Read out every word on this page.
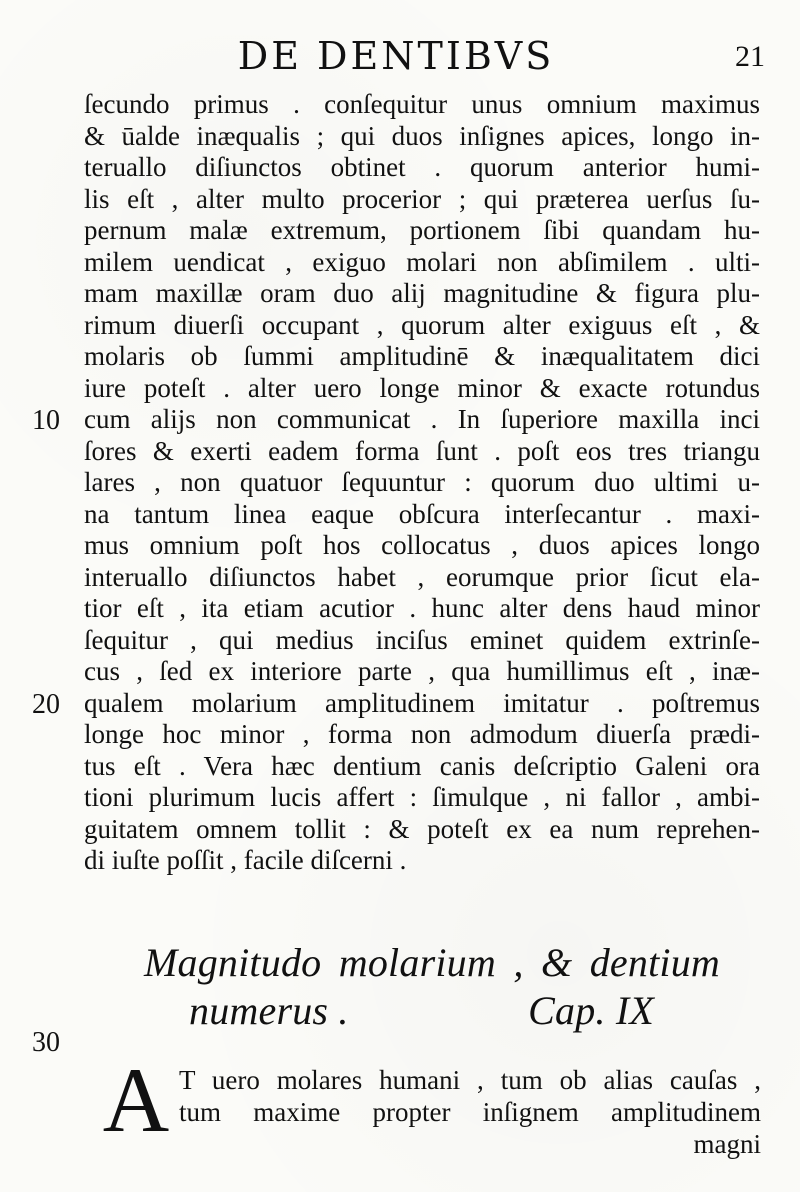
DE DENTIBVS	21
10
20
30
ſecundo primus . conſequitur unus omnium maximus
& ūalde inæqualis ; qui duos inſignes apices, longo in-
teruallo diſiunctos obtinet . quorum anterior humi-
lis eſt , alter multo procerior ; qui præterea uerſus ſu-
pernum malæ extremum, portionem ſibi quandam hu-
milem uendicat , exiguo molari non abſimilem . ulti-
mam maxillæ oram duo alij magnitudine & figura plu-
rimum diuerſi occupant , quorum alter exiguus eſt , &
molaris ob ſummi amplitudinē & inæqualitatem dici
iure poteſt . alter uero longe minor & exacte rotundus
cum alijs non communicat . In ſuperiore maxilla inci
ſores & exerti eadem forma ſunt . poſt eos tres triangu
lares , non quatuor ſequuntur : quorum duo ultimi u-
na tantum linea eaque obſcura interſecantur . maxi-
mus omnium poſt hos collocatus , duos apices longo
interuallo diſiunctos habet , eorumque prior ſicut ela-
tior eſt , ita etiam acutior . hunc alter dens haud minor
ſequitur , qui medius inciſus eminet quidem extrinſe-
cus , ſed ex interiore parte , qua humillimus eſt , inæ-
qualem molarium amplitudinem imitatur . poſtremus
longe hoc minor , forma non admodum diuerſa prædi-
tus eſt . Vera hæc dentium canis deſcriptio Galeni ora
tioni plurimum lucis affert : ſimulque , ni fallor , ambi-
guitatem omnem tollit : & poteſt ex ea num reprehen-
di iuſte poſſit , facile diſcerni .
Magnitudo molarium , & dentium
numerus .	Cap. IX
A T uero molares humani , tum ob alias cauſas ,
tum maxime propter inſignem amplitudinem
magni
